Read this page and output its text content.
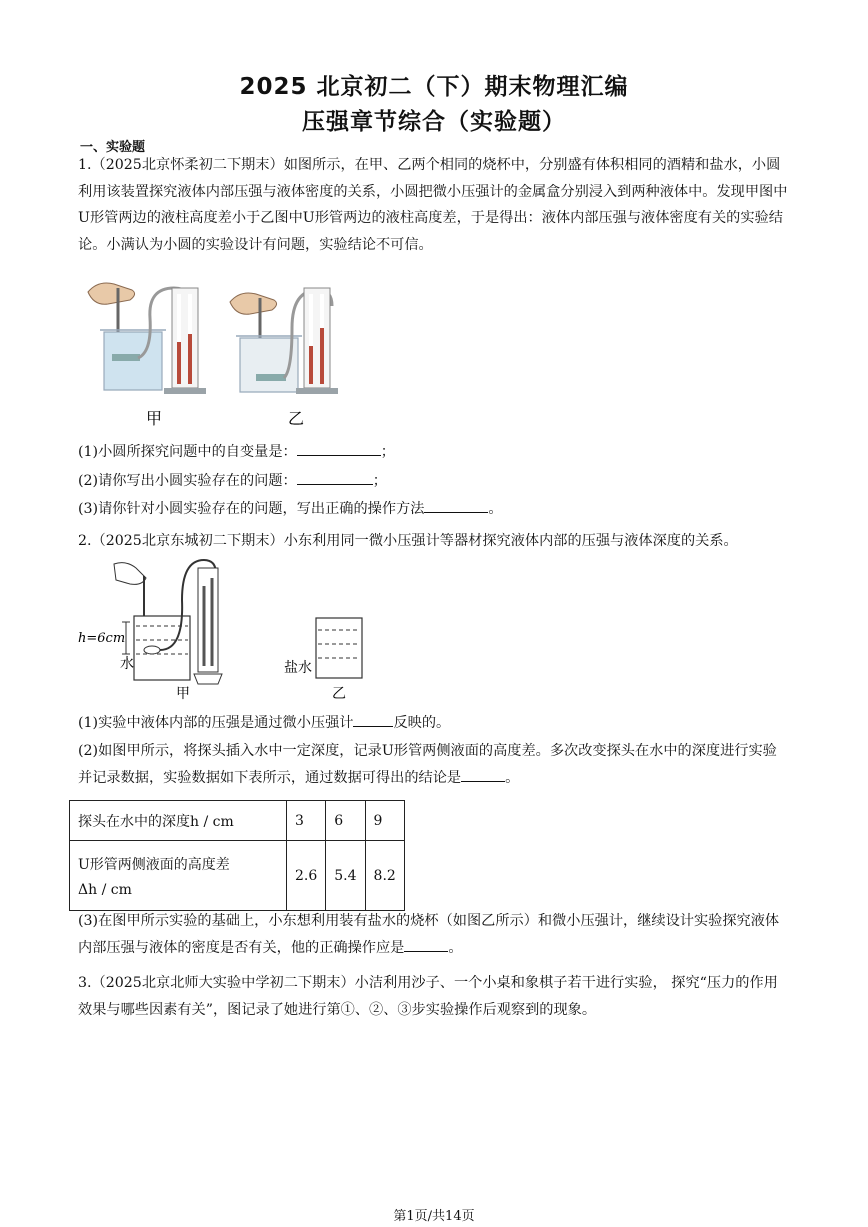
2025 北京初二（下）期末物理汇编
压强章节综合（实验题）
一、实验题

1.（2025北京怀柔初二下期末）如图所示，在甲、乙两个相同的烧杯中，分别盛有体积相同的酒精和盐水，小圆利用该装置探究液体内部压强与液体密度的关系，小圆把微小压强计的金属盒分别浸入到两种液体中。发现甲图中U形管两边的液柱高度差小于乙图中U形管两边的液柱高度差，于是得出：液体内部压强与液体密度有关的实验结论。小满认为小圆的实验设计有问题，实验结论不可信。

甲	乙
(1)小圆所探究问题中的自变量是：	；
(2)请你写出小圆实验存在的问题：	；
(3)请你针对小圆实验存在的问题，写出正确的操作方法	。
2.（2025北京东城初二下期末）小东利用同一微小压强计等器材探究液体内部的压强与液体深度的关系。
h=6cm
水
甲
盐水
乙
(1)实验中液体内部的压强是通过微小压强计	反映的。

(2)如图甲所示，将探头插入水中一定深度，记录U形管两侧液面的高度差。多次改变探头在水中的深度进行实验并记录数据，实验数据如下表所示，通过数据可得出的结论是	。

探头在水中的深度h / cm	3	6	9

U形管两侧液面的高度差
Δh / cm	2.6	5.4	8.2

(3)在图甲所示实验的基础上，小东想利用装有盐水的烧杯（如图乙所示）和微小压强计，继续设计实验探究液体内部压强与液体的密度是否有关，他的正确操作应是	。

3.（2025北京北师大实验中学初二下期末）小洁利用沙子、一个小桌和象棋子若干进行实验， 探究“压力的作用效果与哪些因素有关”，图记录了她进行第①、②、③步实验操作后观察到的现象。

第1页/共14页
